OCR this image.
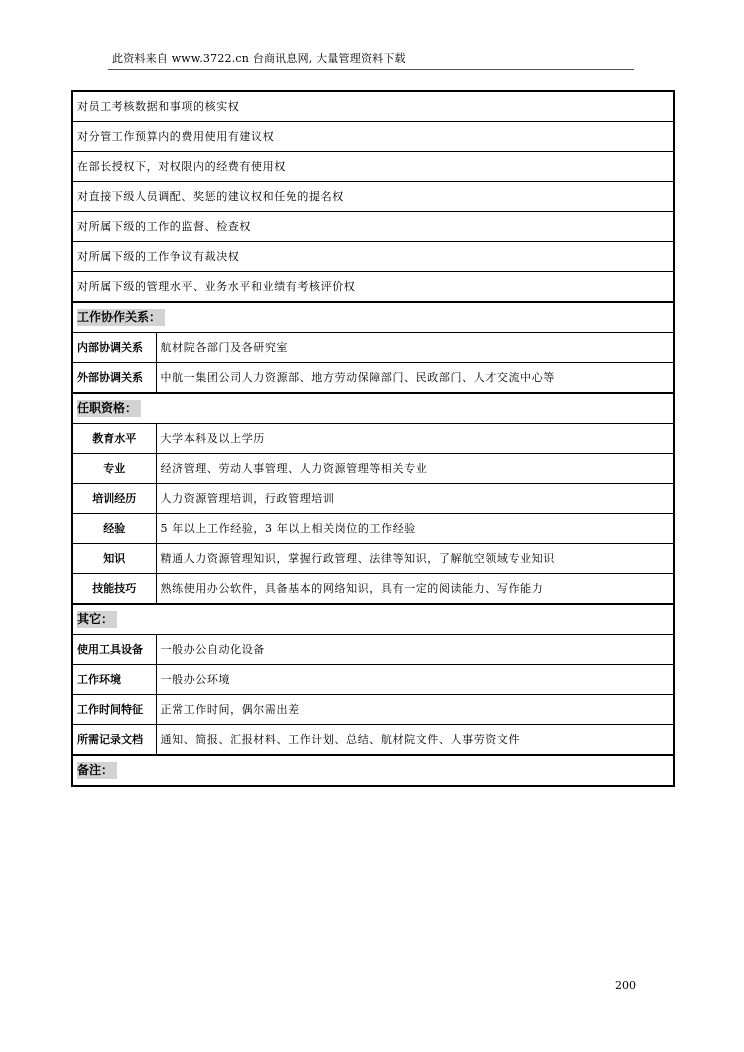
此资料来自 www.3722.cn 台商讯息网, 大量管理资料下载
对员工考核数据和事项的核实权	
对分管工作预算内的费用使用有建议权	
在部长授权下，对权限内的经费有使用权	
对直接下级人员调配、奖惩的建议权和任免的提名权	
对所属下级的工作的监督、检查权	
对所属下级的工作争议有裁决权	
对所属下级的管理水平、业务水平和业绩有考核评价权	
工作协作关系：	
内部协调关系	航材院各部门及各研究室
外部协调关系	中航一集团公司人力资源部、地方劳动保障部门、民政部门、人才交流中心等
任职资格：	
教育水平	大学本科及以上学历
专业	经济管理、劳动人事管理、人力资源管理等相关专业
培训经历	人力资源管理培训，行政管理培训
经验	5 年以上工作经验，3 年以上相关岗位的工作经验
知识	精通人力资源管理知识，掌握行政管理、法律等知识，了解航空领域专业知识
技能技巧	熟练使用办公软件，具备基本的网络知识，具有一定的阅读能力、写作能力
其它：	
使用工具设备	一般办公自动化设备
工作环境	一般办公环境
工作时间特征	正常工作时间，偶尔需出差
所需记录文档	通知、简报、汇报材料、工作计划、总结、航材院文件、人事劳资文件
备注：	
200
